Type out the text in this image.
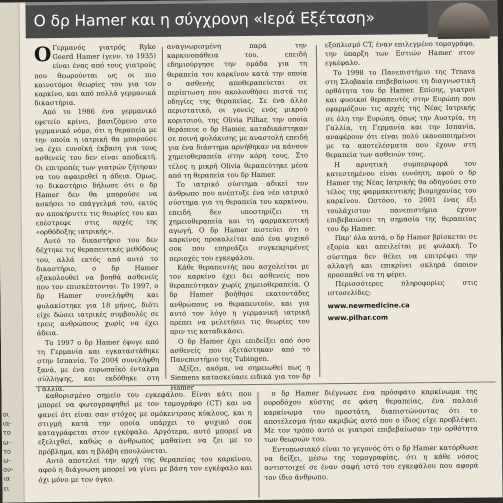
οι
ια-
το
ω-
το
ω-
ου-
ια
ει
Ο δρ Hamer και η σύγχρονη «Ιερά Εξέταση»

Ο Γερμανός γιατρός Ryke Geerd Hamer (γενν. το 1935) είναι ένας από τους γιατρούς που θεωρούνται ως οι πιο καινοτόμοι θεωρίες του για τον καρκίνο, και από πολλά γερμανικά δικαστήρια.

Από το 1986 ένα γερμανικό εφετείο κρίνει, βασιζόμενο στο γερμανικό νόμο, ότι η θεραπεία με την οποία η ιατρική θα μπορούσε να έχει ευνοϊκή έκβαση για τους ασθενείς του δεν είναι αποδεκτή. Οι επιτροπές των γιατρών ζήτησαν να του αφαιρεθεί η άδεια. Όμως, το δικαστήριο δήλωσε ότι ο δρ Hamer δεν θα μπορούσε να ασκήσει το επάγγελμά του, εκτός αν αποκήρυττε τις θεωρίες του και επέστρεφε στις αρχές της «ορθόδοξης ιατρικής».

Αυτό το δικαστήριο του δεν δέχτηκε τις θεραπευτικές μεθόδους του, αλλά εκτός από αυτό το δικαστήριο, ο δρ Hamer εξακολουθεί να βοηθά ασθενείς που τον επισκέπτονται. Το 1997, ο δρ Hamer συνελήφθη και φυλακίστηκε για 18 μήνες, διότι είχε δώσει ιατρικές συμβουλές σε τρεις ανθρώπους χωρίς να έχει άδεια.

Το 1997 ο δρ Hamer έφυγε από τη Γερμανία και εγκαταστάθηκε στην Ισπανία. Το 2004 συνελήφθη ξανά, με ένα ευρωπαϊκό ένταλμα σύλληψης, και εκδόθηκε στη Γαλλία.

αναγνωρισμένη παρά την καρκινοπάθεια του, επειδή εδημιούργησε την ομάδα για τη θεραπεία του καρκίνου κατά την οποία ο ασθενής αποθεραπεύεται σε περίπτωση που ακολουθήσει πιστά τις οδηγίες της θεραπείας. Σε ένα άλλο περιστατικό, οι γονείς ενός μικρού κοριτσιού, της Olivia Pilhar, την οποία θεράπευε ο δρ Hamer, καταδικάστηκαν σε ποινή φυλάκισης με αναστολή επειδή για ένα διάστημα αρνήθηκαν να κάνουν χημειοθεραπεία στην κόρη τους. Στο τέλος η μικρή Olivia θεραπεύτηκε μέσα από τη θεραπεία του δρ Hamer.

Το ιατρικό σύστημα αδικεί τον άνθρωπο που ανέπτυξε ένα νέο ιατρικό σύστημα για τη θεραπεία του καρκίνου, επειδή δεν υποστηρίζει τη χημειοθεραπεία και τη φαρμακευτική αγωγή. Ο δρ Hamer πιστεύει ότι ο καρκίνος προκαλείται από ένα ψυχικό σοκ που επηρεάζει συγκεκριμένες περιοχές του εγκεφάλου.

Κάθε θεραπευτής που ασχολείται με τον καρκίνο έχει δει ασθενείς που θεραπεύτηκαν χωρίς χημειοθεραπεία. Ο δρ Hamer βοήθησε εκατοντάδες ανθρώπους να θεραπευτούν, και για αυτό τον λόγο η γερμανική ιατρική πρέπει να μελετήσει τις θεωρίες του πριν τις καταδικάσει.

Ο δρ Hamer έχει επιδείξει από όσο ασθενείς που εξετάστηκαν από το Πανεπιστήμιο της Tubingen.

Αξίζει, ακόμα, να σημειωθεί πως η Siemens κατασκεύασε ειδικά για τον δρ Hamer

εξοπλισμό CT, έναν επιλεγμένο τομογράφο, την ύπαρξη των Εστιών Hamer στον εγκέφαλο.

Το 1998 το Πανεπιστήμιο της Trnava στη Σλοβακία επιβεβαίωσε τη διαγνωστική ορθότητα του δρ Hamer. Επίσης, γιατροί και φυσικοί θεραπευτές στην Ευρώπη που εφαρμόζουν τις αρχές της Νέας Ιατρικής σε όλη την Ευρώπη, όπως την Αυστρία, τη Γαλλία, τη Γερμανία και την Ισπανία, αναφέρουν ότι είναι πολύ ικανοποιημένοι με τα αποτελέσματα που έχουν στη θεραπεία των ασθενών τους.

Η αρνητική συμπεριφορά του κατεστημένου είναι ευνόητη, αφού ο δρ Hamer της Νέας Ιατρικής θα οδηγούσε στο τέλος της φαρμακευτικής βιομηχανίας του καρκίνου. Ωστόσο, το 2001 ένας έξι τουλάχιστον πανεπιστήμια έχουν επιβεβαιώσει τη σημασία της θεραπείας του δρ Hamer.

Παρ' όλα αυτά, ο δρ Hamer βρίσκεται σε εξορία και απειλείται με φυλακή. Το σύστημα δεν θέλει να επιτρέψει την αλλαγή και επικρίνει σκληρά όποιον προσπαθεί να τη φέρει.

Περισσότερες πληροφορίες στις ιστοσελίδες:

www.newmedicine.ca
www.pilhar.com

καθορισμένο σημείο του εγκεφάλου. Είναι κάτι που μπορεί να φωτογραφηθεί με τον τομογράφο (CT) και να φανεί ότι είναι σαν στόχος με ομόκεντρους κύκλους, και η στιγμή κατά την οποία υπάρχει το ψυχικό σοκ καταγράφεται στον εγκέφαλο. Αργότερα, αυτό μπορεί να εξελιχθεί, καθώς ο άνθρωπος μαθαίνει να ζει με το πρόβλημα, και η βλάβη επουλώνεται.

Αυτό αποτελεί την αρχή της θεραπείας του καρκίνου, αφού η διάγνωση μπορεί να γίνει με βάση τον εγκέφαλο και όχι μόνο με τον όγκο.

ο δρ Hamer διέγνωσε ένα πρόσφατο καρκίνωμα της ουροδόχου κύστης σε φάση θεραπείας, ένα παλαιό καρκίνωμα του προστάτη, διαπιστώνοντας ότι το αποτέλεσμα ήταν ακριβώς αυτό που ο ίδιος είχε προβλέψει. Με τον τρόπο αυτό οι γιατροί επιβεβαίωσαν την ορθότητα των θεωριών του.

Εντυπωσιακό είναι το γεγονός ότι ο δρ Hamer κατόρθωσε να δείξει, μέσω της τομογραφίας, ότι η κάθε νόσος αντιστοιχεί σε έναν σαφή ιστό του εγκεφάλου που αφορά τον ίδιο άνθρωπο.
